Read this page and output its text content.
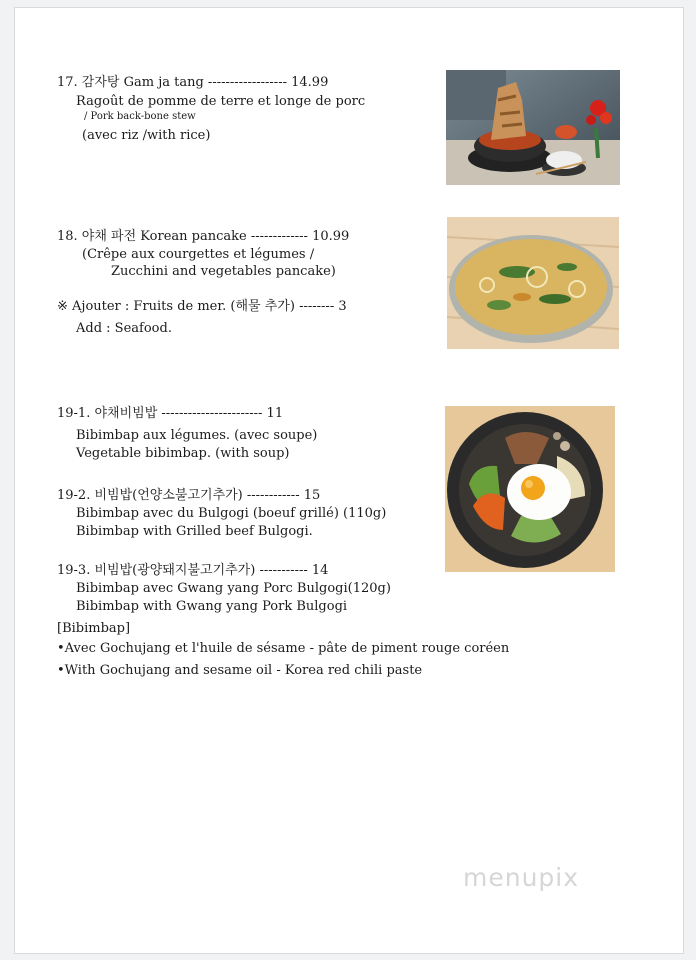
17. 감자탕 Gam ja tang ------------------ 14.99
Ragoût de pomme de terre et longe de porc
/ Pork back-bone stew
(avec riz /with rice)
18. 야채 파전 Korean pancake ------------- 10.99
(Crêpe aux courgettes et légumes /
Zucchini and vegetables pancake)
※ Ajouter : Fruits de mer. (해물 추가) -------- 3
Add : Seafood.
19-1. 야채비빔밥 ----------------------- 11
Bibimbap aux légumes. (avec soupe)
Vegetable bibimbap. (with soup)
19-2. 비빔밥(언양소불고기추가) ------------ 15
Bibimbap avec du Bulgogi (boeuf grillé) (110g)
Bibimbap with Grilled beef Bulgogi.
19-3. 비빔밥(광양돼지불고기추가) ----------- 14
Bibimbap avec Gwang yang Porc Bulgogi(120g)
Bibimbap with Gwang yang Pork Bulgogi
[Bibimbap]
•Avec Gochujang et l'huile de sésame - pâte de piment rouge coréen
•With Gochujang and sesame oil - Korea red chili paste
menupix
